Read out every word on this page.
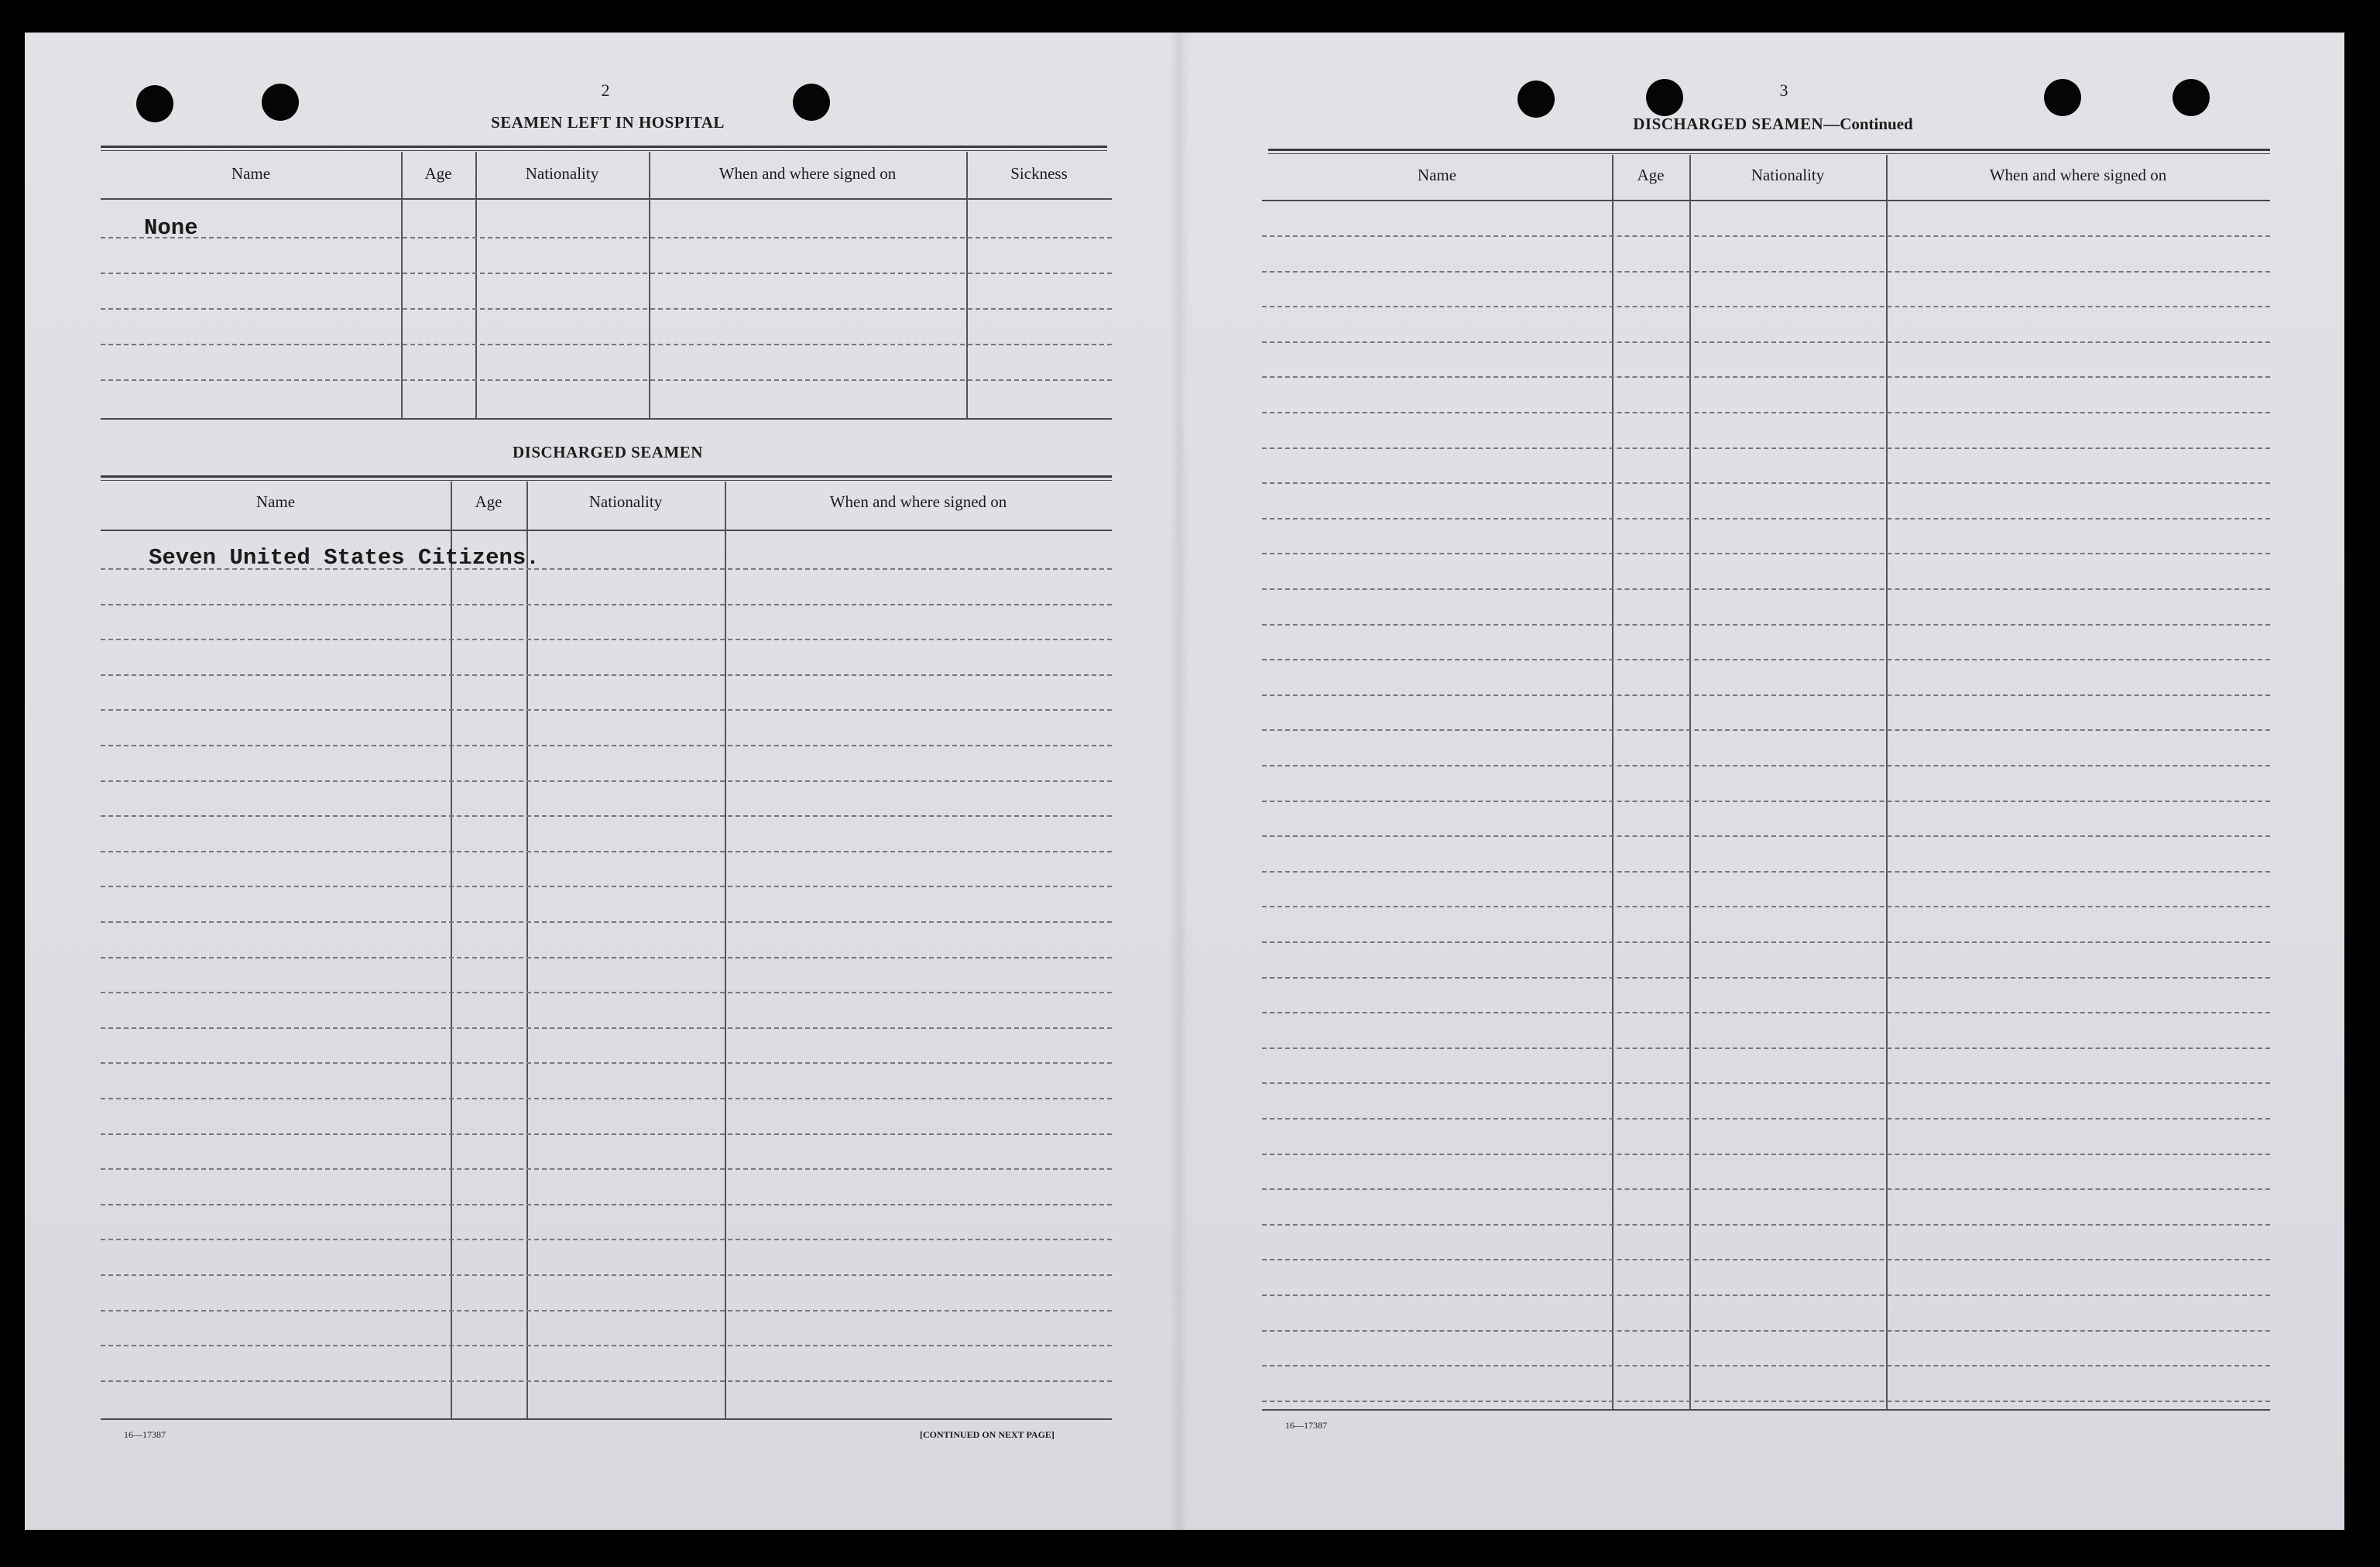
2
SEAMEN LEFT IN HOSPITAL
Name	Age	Nationality	When and where signed on	Sickness
None
DISCHARGED SEAMEN
Name	Age	Nationality	When and where signed on
Seven United States Citizens.
16—17387	[CONTINUED ON NEXT PAGE]
3
DISCHARGED SEAMEN—Continued
Name	Age	Nationality	When and where signed on
16—17387
